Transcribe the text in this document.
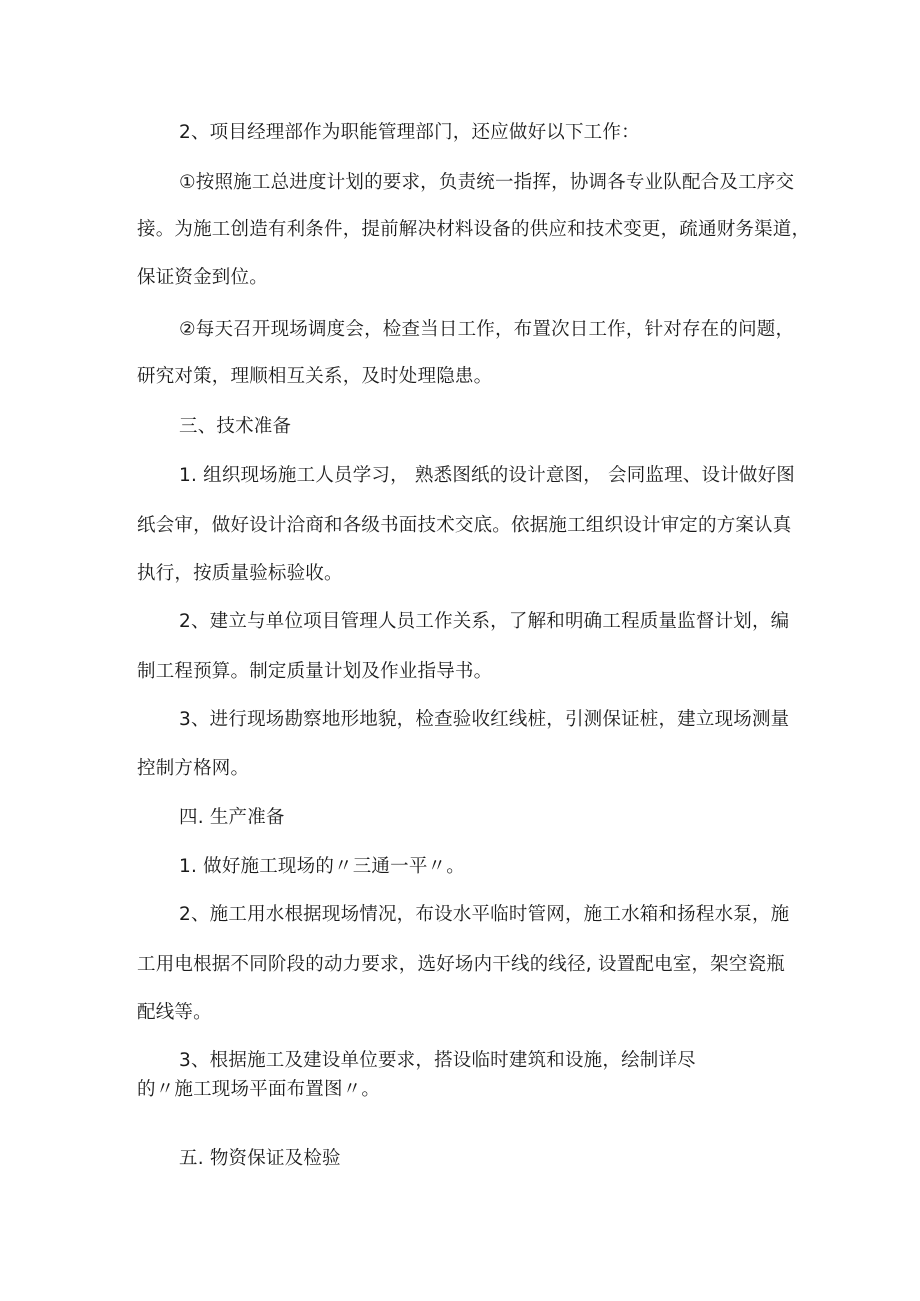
2、项目经理部作为职能管理部门，还应做好以下工作：
①按照施工总进度计划的要求，负责统一指挥，协调各专业队配合及工序交
接。为施工创造有利条件，提前解决材料设备的供应和技术变更，疏通财务渠道，
保证资金到位。
②每天召开现场调度会，检查当日工作，布置次日工作，针对存在的问题，
研究对策，理顺相互关系，及时处理隐患。
三、技术准备
1. 组织现场施工人员学习， 熟悉图纸的设计意图， 会同监理、设计做好图
纸会审，做好设计洽商和各级书面技术交底。依据施工组织设计审定的方案认真
执行，按质量验标验收。
2、建立与单位项目管理人员工作关系，了解和明确工程质量监督计划，编
制工程预算。制定质量计划及作业指导书。
3、进行现场勘察地形地貌，检查验收红线桩，引测保证桩，建立现场测量
控制方格网。
四. 生产准备
1. 做好施工现场的〃三通一平〃。
2、施工用水根据现场情况，布设水平临时管网，施工水箱和扬程水泵，施
工用电根据不同阶段的动力要求，选好场内干线的线径, 设置配电室，架空瓷瓶
配线等。
3、根据施工及建设单位要求，搭设临时建筑和设施，绘制详尽
的〃施工现场平面布置图〃。
五. 物资保证及检验
